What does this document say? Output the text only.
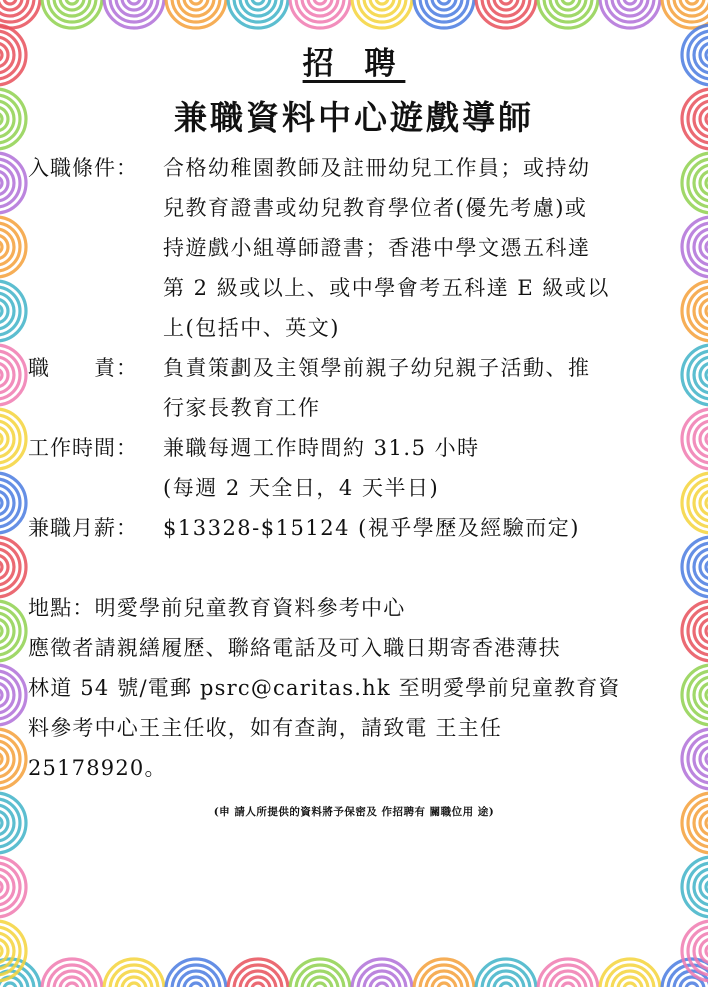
招 聘
兼職資料中心遊戲導師
入職條件：	合格幼稚園教師及註冊幼兒工作員；或持幼
兒教育證書或幼兒教育學位者(優先考慮)或
持遊戲小組導師證書；香港中學文憑五科達
第 2 級或以上、或中學會考五科達 E 級或以
上(包括中、英文)
職　　責：	負責策劃及主領學前親子幼兒親子活動、推
行家長教育工作
工作時間：	兼職每週工作時間約 31.5 小時
(每週 2 天全日，4 天半日)
兼職月薪：	$13328-$15124 (視乎學歷及經驗而定)
地點：明愛學前兒童教育資料參考中心
應徵者請親繕履歷、聯絡電話及可入職日期寄香港薄扶
林道 54 號/電郵 psrc@caritas.hk 至明愛學前兒童教育資
料參考中心王主任收，如有查詢，請致電 王主任
25178920。
(申 請人所提供的資料將予保密及 作招聘有 關職位用 途)
